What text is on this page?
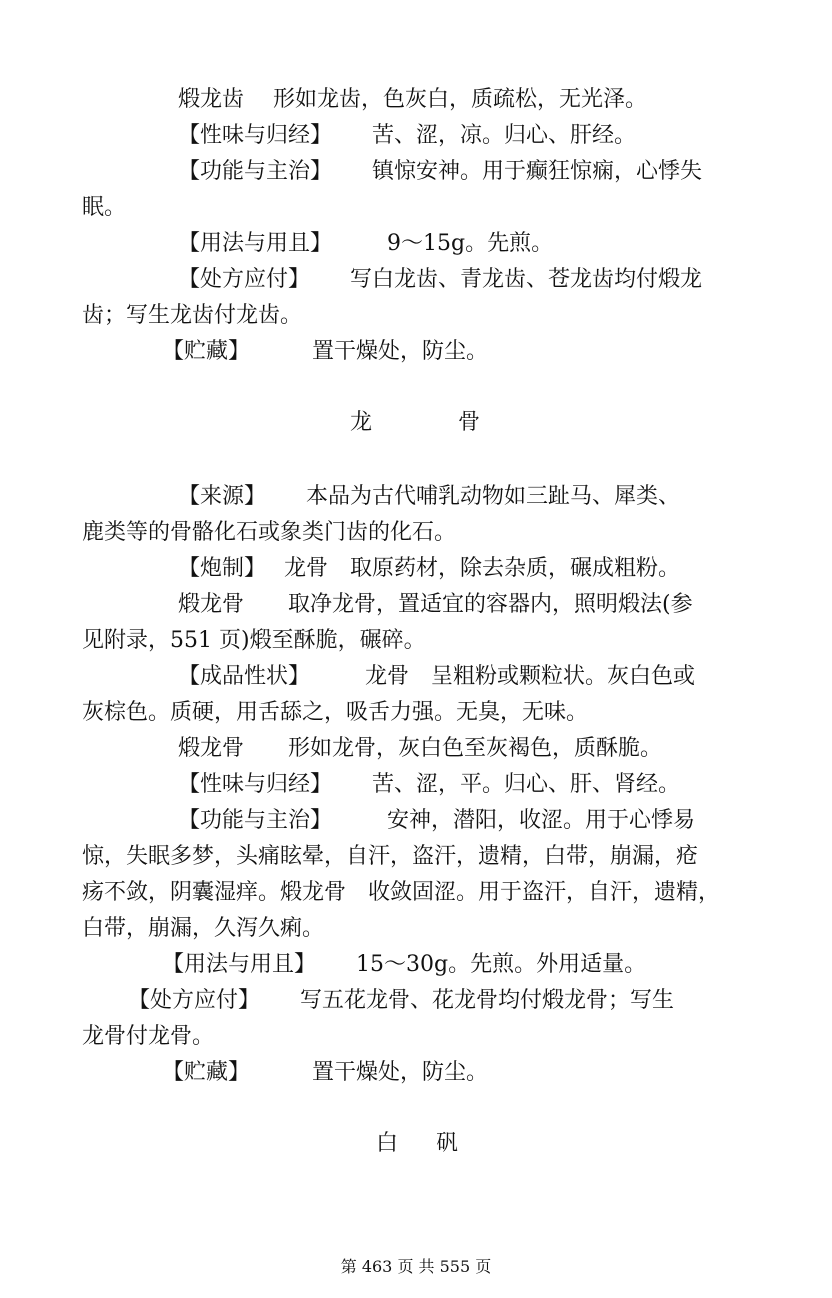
煅龙齿　 形如龙齿，色灰白，质疏松，无光泽。
【性味与归经】　　 苦、涩，凉。归心、肝经。
【功能与主治】　　 镇惊安神。用于癫狂惊痫，心悸失
眠。
【用法与用且】　　　9～15g。先煎。
【处方应付】　　 写白龙齿、青龙齿、苍龙齿均付煅龙
齿；写生龙齿付龙齿。
【贮藏】　　　 置干燥处，防尘。
龙	骨
【来源】　　 本品为古代哺乳动物如三趾马、犀类、
鹿类等的骨骼化石或象类门齿的化石。
【炮制】　 龙骨　取原药材，除去杂质，碾成粗粉。
煅龙骨　　取净龙骨，置适宜的容器内，照明煅法(参
见附录，551 页)煅至酥脆，碾碎。
【成品性状】　　　龙骨　呈粗粉或颗粒状。灰白色或
灰棕色。质硬，用舌舔之，吸舌力强。无臭，无味。
煅龙骨　　形如龙骨，灰白色至灰褐色，质酥脆。
【性味与归经】　　 苦、涩，平。归心、肝、肾经。
【功能与主治】　　　安神，潜阳，收涩。用于心悸易
惊，失眠多梦，头痛眩晕，自汗，盗汗，遗精，白带，崩漏，疮
疡不敛，阴囊湿痒。煅龙骨　收敛固涩。用于盗汗，自汗，遗精，
白带，崩漏，久泻久痢。
【用法与用且】　　 15～30g。先煎。外用适量。
【处方应付】　　 写五花龙骨、花龙骨均付煅龙骨；写生
龙骨付龙骨。
【贮藏】　　　 置干燥处，防尘。
白 矾
第 463 页 共 555 页
